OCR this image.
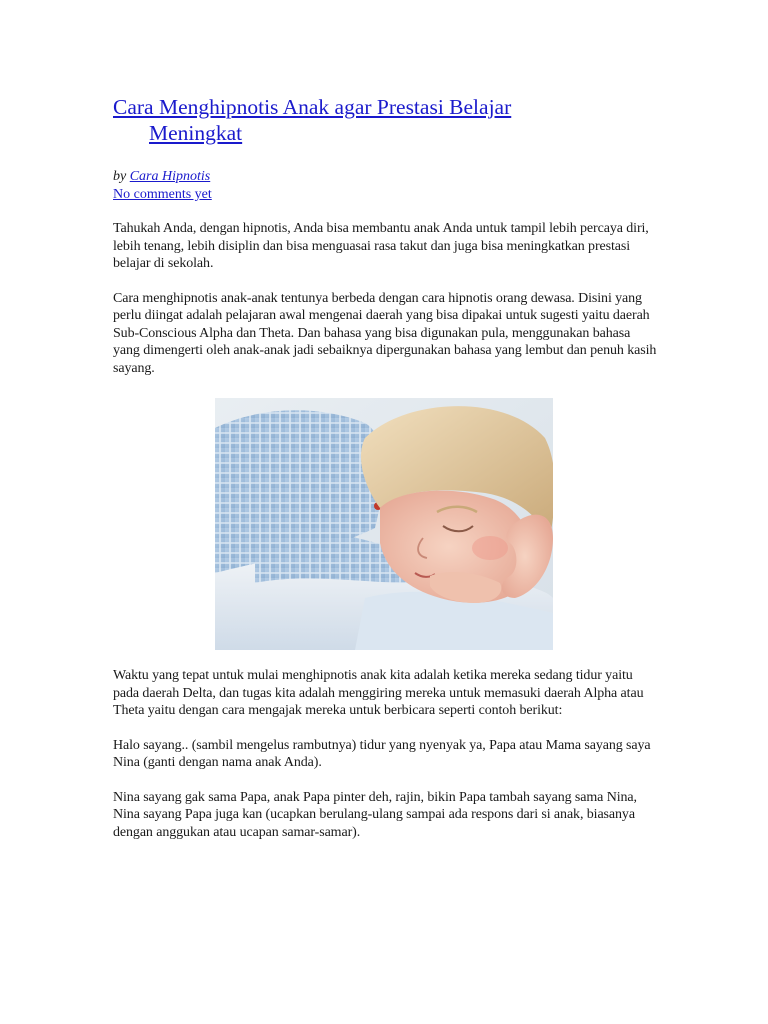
Cara Menghipnotis Anak agar Prestasi Belajar
Meningkat
by Cara Hipnotis
No comments yet

Tahukah Anda, dengan hipnotis, Anda bisa membantu anak Anda untuk tampil lebih percaya diri, lebih tenang, lebih disiplin dan bisa menguasai rasa takut dan juga bisa meningkatkan prestasi belajar di sekolah.

Cara menghipnotis anak-anak tentunya berbeda dengan cara hipnotis orang dewasa. Disini yang perlu diingat adalah pelajaran awal mengenai daerah yang bisa dipakai untuk sugesti yaitu daerah Sub-Conscious Alpha dan Theta. Dan bahasa yang bisa digunakan pula, menggunakan bahasa yang dimengerti oleh anak-anak jadi sebaiknya dipergunakan bahasa yang lembut dan penuh kasih sayang.

Waktu yang tepat untuk mulai menghipnotis anak kita adalah ketika mereka sedang tidur yaitu pada daerah Delta, dan tugas kita adalah menggiring mereka untuk memasuki daerah Alpha atau Theta yaitu dengan cara mengajak mereka untuk berbicara seperti contoh berikut:

Halo sayang.. (sambil mengelus rambutnya) tidur yang nyenyak ya, Papa atau Mama sayang saya Nina (ganti dengan nama anak Anda).

Nina sayang gak sama Papa, anak Papa pinter deh, rajin, bikin Papa tambah sayang sama Nina, Nina sayang Papa juga kan (ucapkan berulang-ulang sampai ada respons dari si anak, biasanya dengan anggukan atau ucapan samar-samar).
